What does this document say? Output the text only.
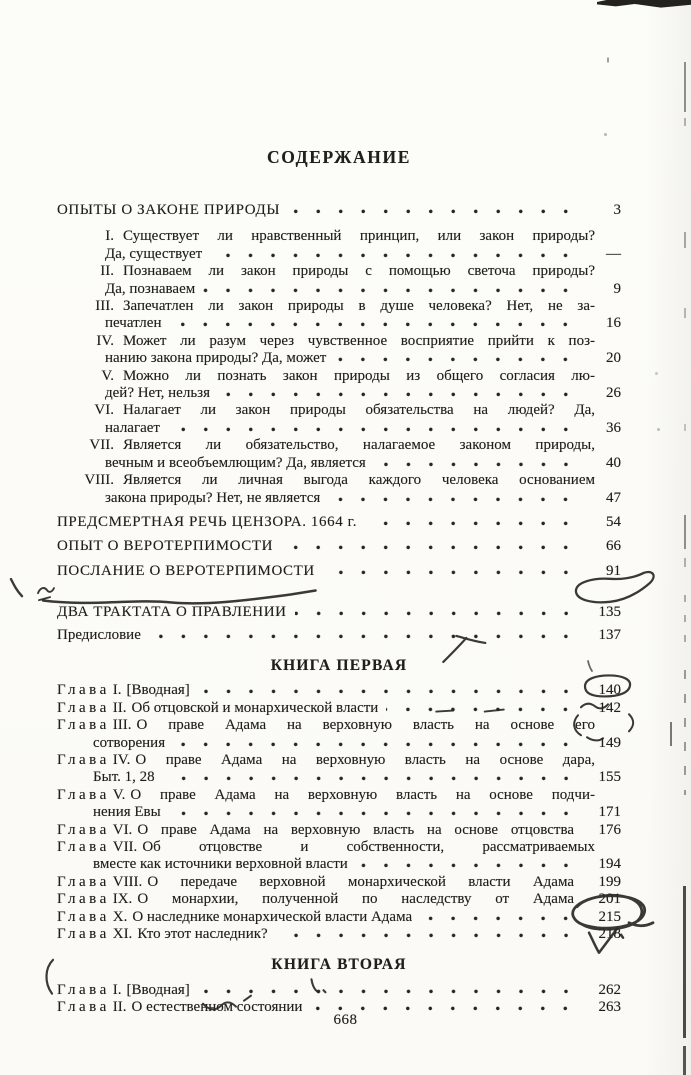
СОДЕРЖАНИЕ
ОПЫТЫ О ЗАКОНЕ ПРИРОДЫ	3
I. Существует ли нравственный принцип, или закон природы?
Да, существует	—
II. Познаваем ли закон природы с помощью светоча природы?
Да, познаваем	9
III. Запечатлен ли закон природы в душе человека? Нет, не за-
печатлен	16
IV. Может ли разум через чувственное восприятие прийти к поз-
нанию закона природы? Да, может	20
V. Можно ли познать закон природы из общего согласия лю-
дей? Нет, нельзя	26
VI. Налагает ли закон природы обязательства на людей? Да,
налагает	36
VII. Является ли обязательство, налагаемое законом природы,
вечным и всеобъемлющим? Да, является	40
VIII. Является ли личная выгода каждого человека основанием
закона природы? Нет, не является	47
ПРЕДСМЕРТНАЯ РЕЧЬ ЦЕНЗОРА. 1664 г.	54
ОПЫТ О ВЕРОТЕРПИМОСТИ	66
ПОСЛАНИЕ О ВЕРОТЕРПИМОСТИ	91
ДВА ТРАКТАТА О ПРАВЛЕНИИ	135
Предисловие	137
КНИГА ПЕРВАЯ
Глава I. [Вводная]	140
Глава II. Об отцовской и монархической власти	142
Глава III. О праве Адама на верховную власть на основе его
сотворения	149
Глава IV. О праве Адама на верховную власть на основе дара,
Быт. 1, 28	155
Глава V. О праве Адама на верховную власть на основе подчи-
нения Евы	171
Глава VI. О праве Адама на верховную власть на основе отцовства	176
Глава VII. Об отцовстве и собственности, рассматриваемых
вместе как источники верховной власти	194
Глава VIII. О передаче верховной монархической власти Адама	199
Глава IX. О монархии, полученной по наследству от Адама	201
Глава X. О наследнике монархической власти Адама	215
Глава XI. Кто этот наследник?	218
КНИГА ВТОРАЯ
Глава I. [Вводная]	262
Глава II. О естественном состоянии	263
668
